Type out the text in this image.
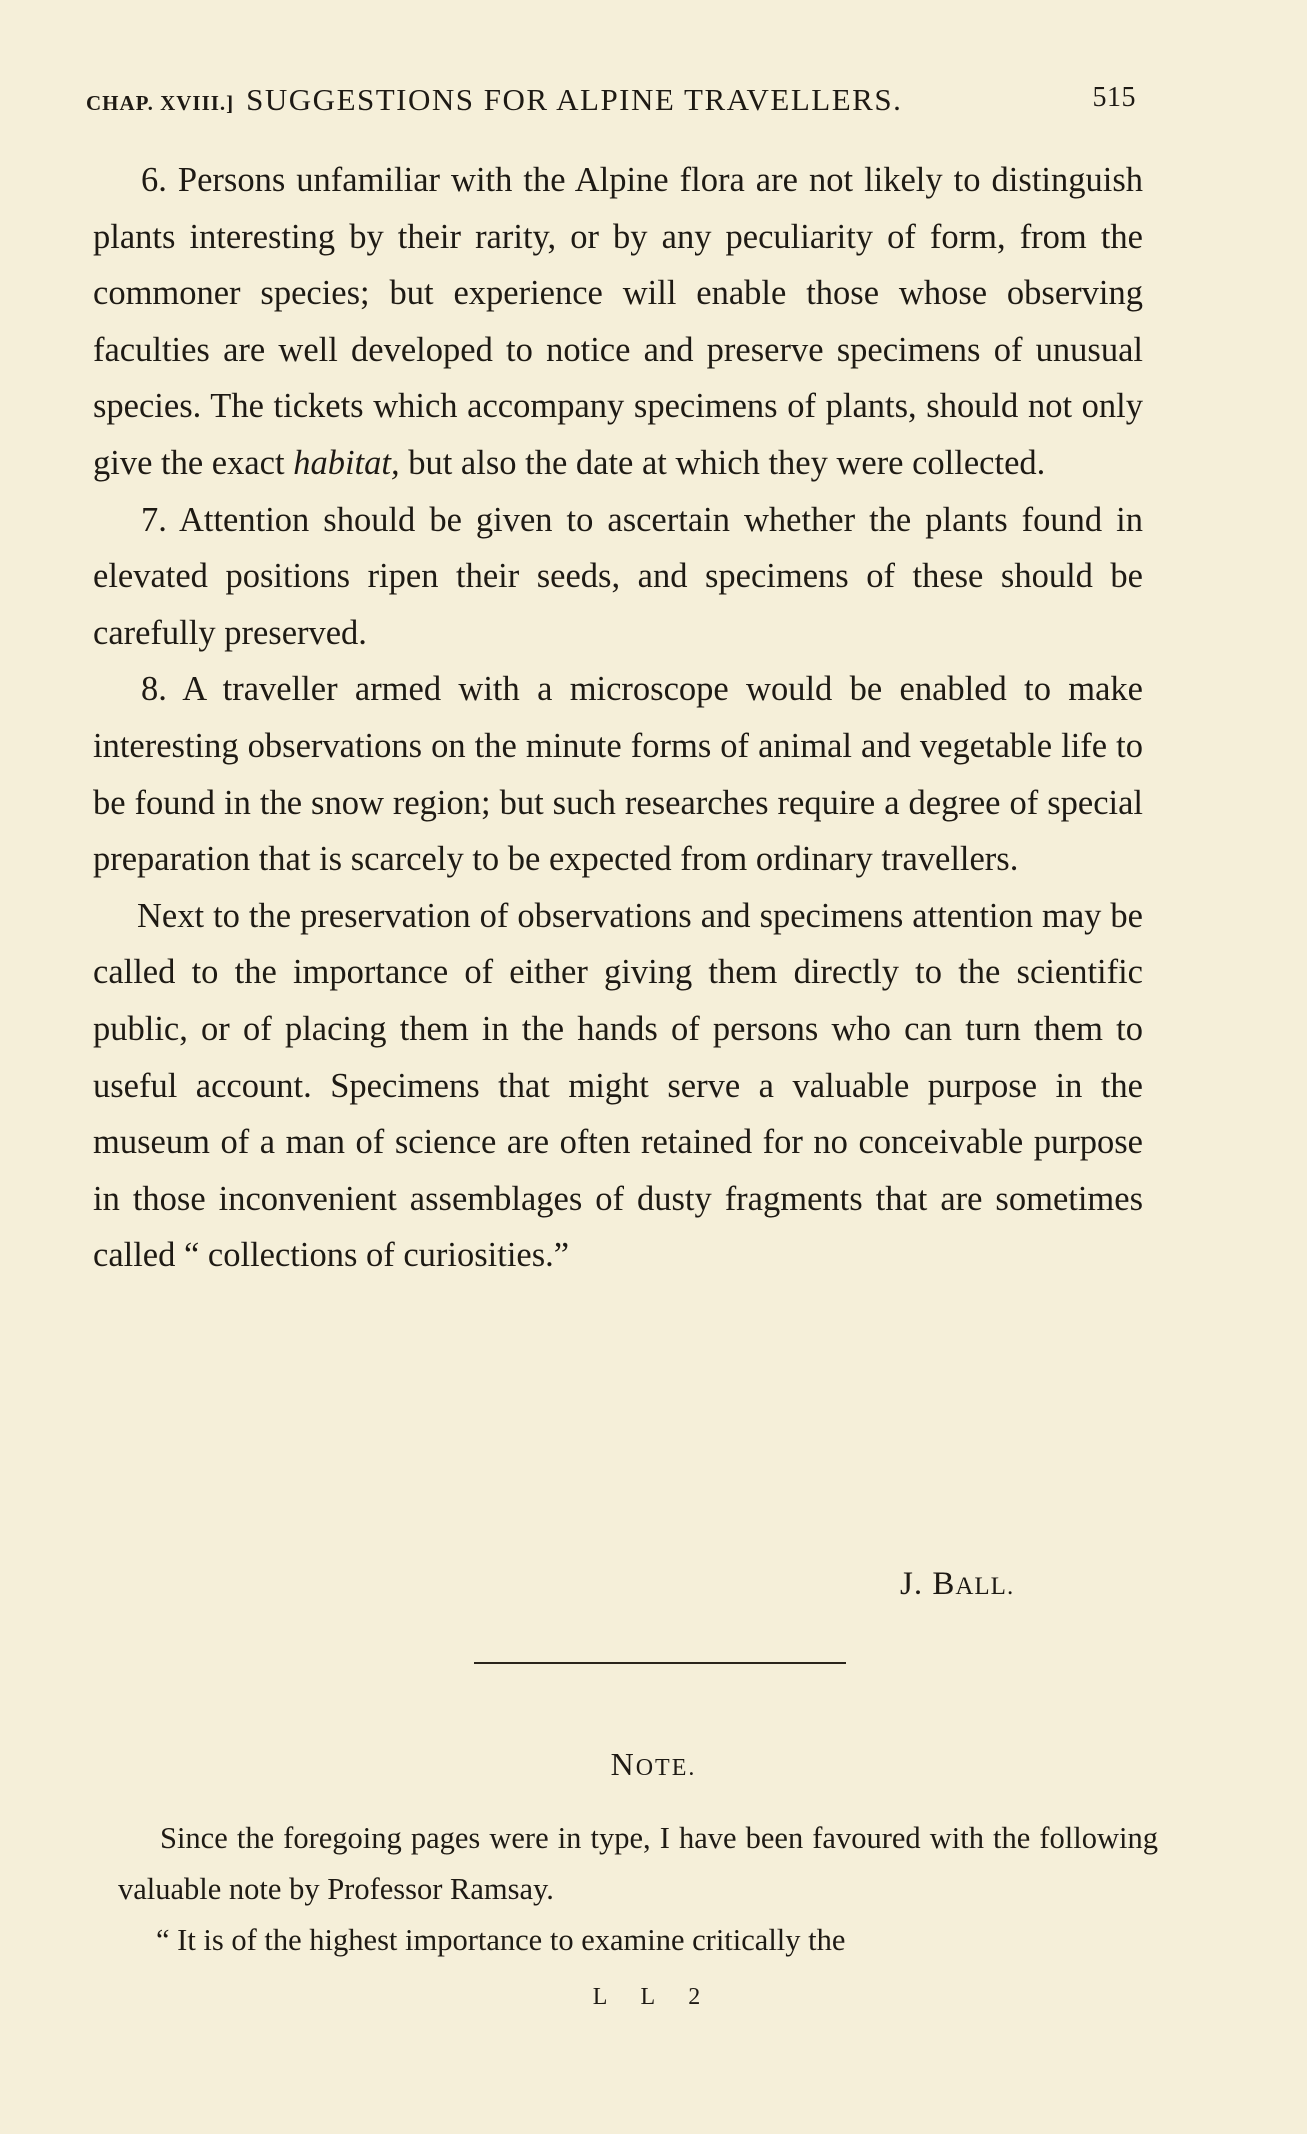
CHAP. XVIII.] SUGGESTIONS FOR ALPINE TRAVELLERS.	515

6. Persons unfamiliar with the Alpine flora are not likely to distinguish plants interesting by their rarity, or by any peculiarity of form, from the commoner species; but experience will enable those whose observing faculties are well developed to notice and preserve specimens of unusual species. The tickets which accompany specimens of plants, should not only give the exact habitat, but also the date at which they were collected.

7. Attention should be given to ascertain whether the plants found in elevated positions ripen their seeds, and specimens of these should be carefully preserved.

8. A traveller armed with a microscope would be enabled to make interesting observations on the minute forms of animal and vegetable life to be found in the snow region; but such researches require a degree of special preparation that is scarcely to be expected from ordinary travellers.

Next to the preservation of observations and specimens attention may be called to the importance of either giving them directly to the scientific public, or of placing them in the hands of persons who can turn them to useful account. Specimens that might serve a valuable purpose in the museum of a man of science are often retained for no conceivable purpose in those inconvenient assemblages of dusty fragments that are sometimes called “ collections of curiosities.”

J. BALL.
NOTE.

Since the foregoing pages were in type, I have been favoured with the following valuable note by Professor Ramsay.

“ It is of the highest importance to examine critically the

L L 2
